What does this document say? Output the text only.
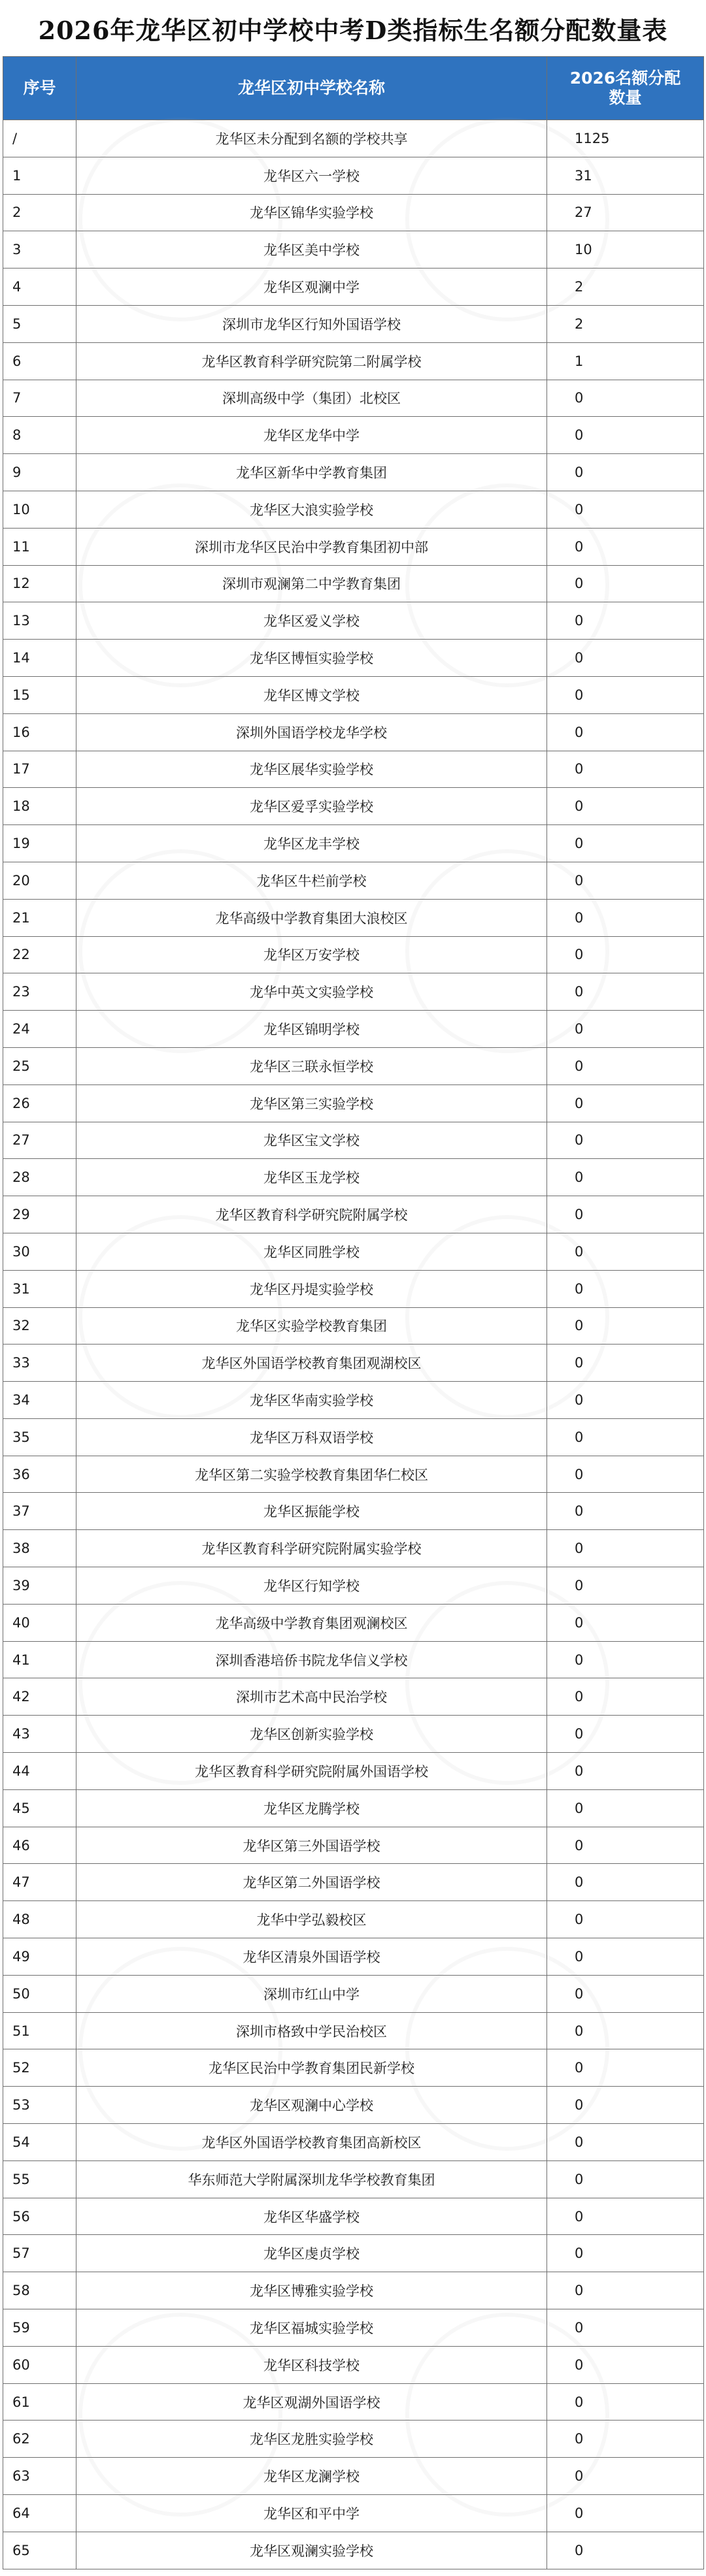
2026年龙华区初中学校中考D类指标生名额分配数量表
序号	龙华区初中学校名称	2026名额分配
数量

/	龙华区未分配到名额的学校共享	1125
1	龙华区六一学校	31
2	龙华区锦华实验学校	27
3	龙华区美中学校	10
4	龙华区观澜中学	2
5	深圳市龙华区行知外国语学校	2
6	龙华区教育科学研究院第二附属学校	1
7	深圳高级中学（集团）北校区	0
8	龙华区龙华中学	0
9	龙华区新华中学教育集团	0
10	龙华区大浪实验学校	0
11	深圳市龙华区民治中学教育集团初中部	0
12	深圳市观澜第二中学教育集团	0
13	龙华区爱义学校	0
14	龙华区博恒实验学校	0
15	龙华区博文学校	0
16	深圳外国语学校龙华学校	0
17	龙华区展华实验学校	0
18	龙华区爱孚实验学校	0
19	龙华区龙丰学校	0
20	龙华区牛栏前学校	0
21	龙华高级中学教育集团大浪校区	0
22	龙华区万安学校	0
23	龙华中英文实验学校	0
24	龙华区锦明学校	0
25	龙华区三联永恒学校	0
26	龙华区第三实验学校	0
27	龙华区宝文学校	0
28	龙华区玉龙学校	0
29	龙华区教育科学研究院附属学校	0
30	龙华区同胜学校	0
31	龙华区丹堤实验学校	0
32	龙华区实验学校教育集团	0
33	龙华区外国语学校教育集团观湖校区	0
34	龙华区华南实验学校	0
35	龙华区万科双语学校	0
36	龙华区第二实验学校教育集团华仁校区	0
37	龙华区振能学校	0
38	龙华区教育科学研究院附属实验学校	0
39	龙华区行知学校	0
40	龙华高级中学教育集团观澜校区	0
41	深圳香港培侨书院龙华信义学校	0
42	深圳市艺术高中民治学校	0
43	龙华区创新实验学校	0
44	龙华区教育科学研究院附属外国语学校	0
45	龙华区龙腾学校	0
46	龙华区第三外国语学校	0
47	龙华区第二外国语学校	0
48	龙华中学弘毅校区	0
49	龙华区清泉外国语学校	0
50	深圳市红山中学	0
51	深圳市格致中学民治校区	0
52	龙华区民治中学教育集团民新学校	0
53	龙华区观澜中心学校	0
54	龙华区外国语学校教育集团高新校区	0
55	华东师范大学附属深圳龙华学校教育集团	0
56	龙华区华盛学校	0
57	龙华区虔贞学校	0
58	龙华区博雅实验学校	0
59	龙华区福城实验学校	0
60	龙华区科技学校	0
61	龙华区观湖外国语学校	0
62	龙华区龙胜实验学校	0
63	龙华区龙澜学校	0
64	龙华区和平中学	0
65	龙华区观澜实验学校	0
